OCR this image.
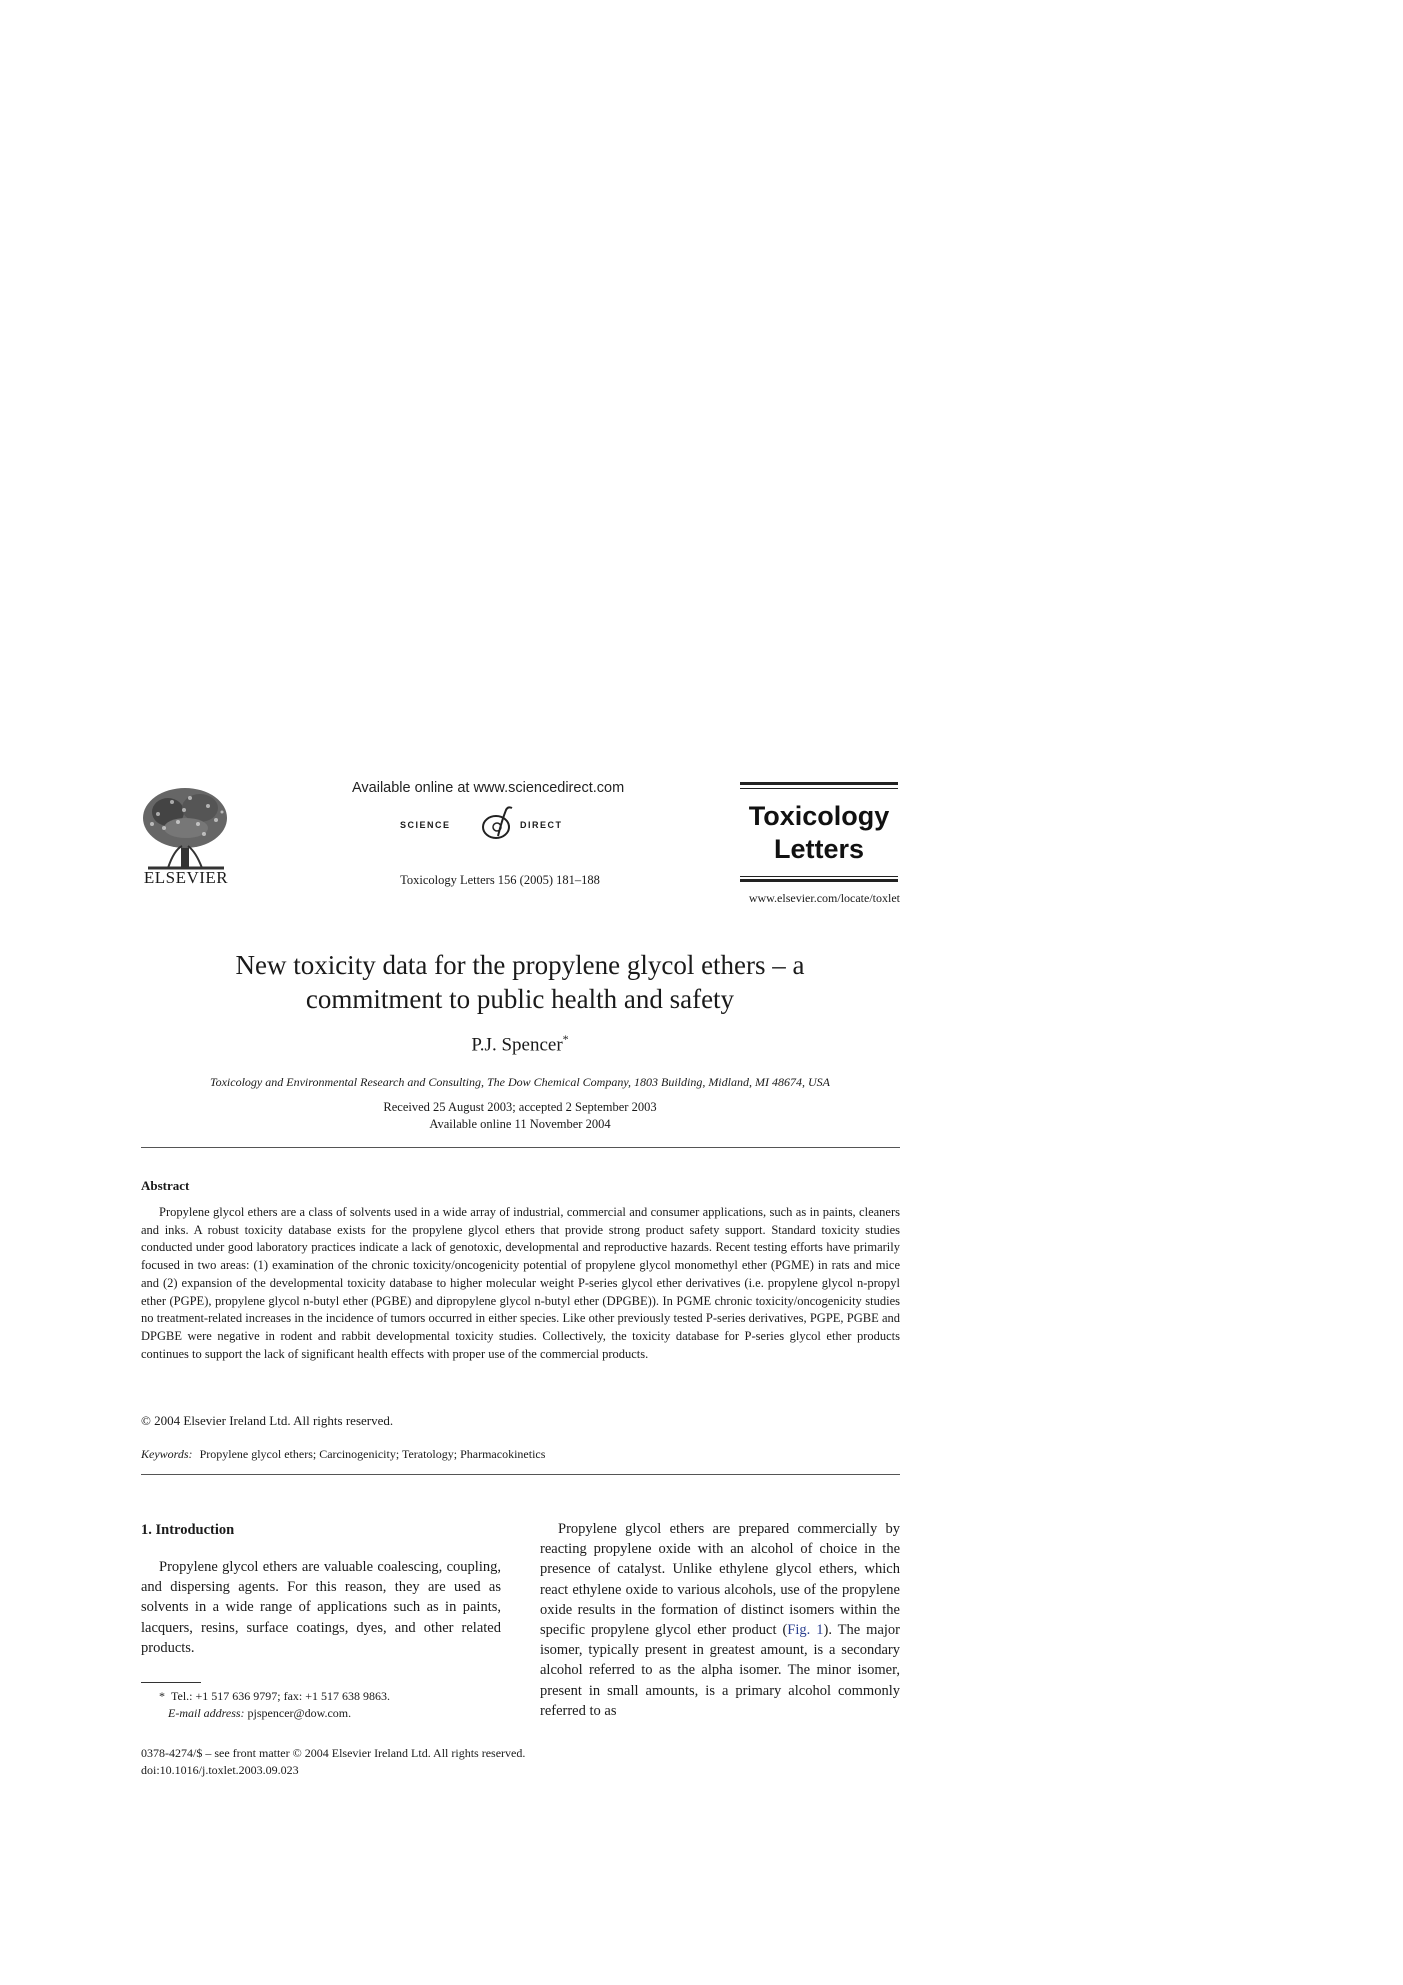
ELSEVIER
Available online at www.sciencedirect.com
SCIENCE	DIRECT
Toxicology Letters 156 (2005) 181–188
Toxicology
Letters
www.elsevier.com/locate/toxlet
New toxicity data for the propylene glycol ethers – a
commitment to public health and safety
P.J. Spencer*
Toxicology and Environmental Research and Consulting, The Dow Chemical Company, 1803 Building, Midland, MI 48674, USA
Received 25 August 2003; accepted 2 September 2003
Available online 11 November 2004
Abstract
Propylene glycol ethers are a class of solvents used in a wide array of industrial, commercial and consumer applications, such as in paints, cleaners and inks. A robust toxicity database exists for the propylene glycol ethers that provide strong product safety support. Standard toxicity studies conducted under good laboratory practices indicate a lack of genotoxic, developmental and reproductive hazards. Recent testing efforts have primarily focused in two areas: (1) examination of the chronic toxicity/oncogenicity potential of propylene glycol monomethyl ether (PGME) in rats and mice and (2) expansion of the developmental toxicity database to higher molecular weight P-series glycol ether derivatives (i.e. propylene glycol n-propyl ether (PGPE), propylene glycol n-butyl ether (PGBE) and dipropylene glycol n-butyl ether (DPGBE)). In PGME chronic toxicity/oncogenicity studies no treatment-related increases in the incidence of tumors occurred in either species. Like other previously tested P-series derivatives, PGPE, PGBE and DPGBE were negative in rodent and rabbit developmental toxicity studies. Collectively, the toxicity database for P-series glycol ether products continues to support the lack of significant health effects with proper use of the commercial products.
© 2004 Elsevier Ireland Ltd. All rights reserved.
Keywords: Propylene glycol ethers; Carcinogenicity; Teratology; Pharmacokinetics
1. Introduction
Propylene glycol ethers are valuable coalescing, coupling, and dispersing agents. For this reason, they are used as solvents in a wide range of applications such as in paints, lacquers, resins, surface coatings, dyes, and other related products.
Propylene glycol ethers are prepared commercially by reacting propylene oxide with an alcohol of choice in the presence of catalyst. Unlike ethylene glycol ethers, which react ethylene oxide to various alcohols, use of the propylene oxide results in the formation of distinct isomers within the specific propylene glycol ether product (Fig. 1). The major isomer, typically present in greatest amount, is a secondary alcohol referred to as the alpha isomer. The minor isomer, present in small amounts, is a primary alcohol commonly referred to as
* Tel.: +1 517 636 9797; fax: +1 517 638 9863.
E-mail address: pjspencer@dow.com.
0378-4274/$ – see front matter © 2004 Elsevier Ireland Ltd. All rights reserved.
doi:10.1016/j.toxlet.2003.09.023
